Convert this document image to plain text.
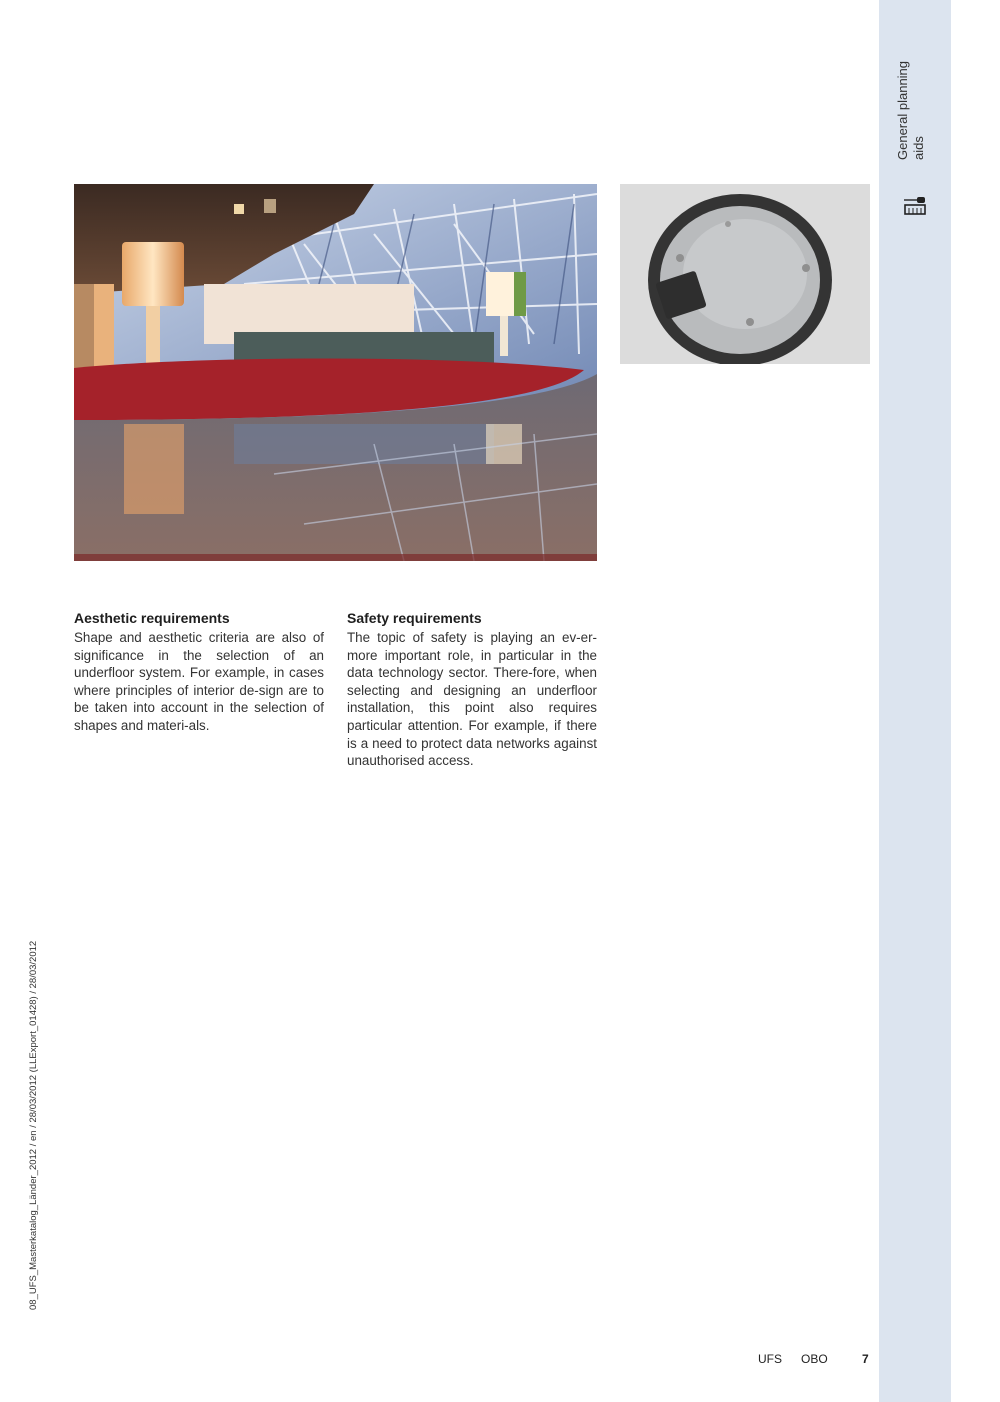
General planning aids
Aesthetic requirements

Shape and aesthetic criteria are also of significance in the selection of an underfloor system. For example, in cases where principles of interior de-sign are to be taken into account in the selection of shapes and materi-als.

Safety requirements

The topic of safety is playing an ev-er-more important role, in particular in the data technology sector. There-fore, when selecting and designing an underfloor installation, this point also requires particular attention. For example, if there is a need to protect data networks against unauthorised access.

08_UFS_Masterkatalog_Länder_2012 / en / 28/03/2012 (LLExport_01428) / 28/03/2012
UFS OBO	7
